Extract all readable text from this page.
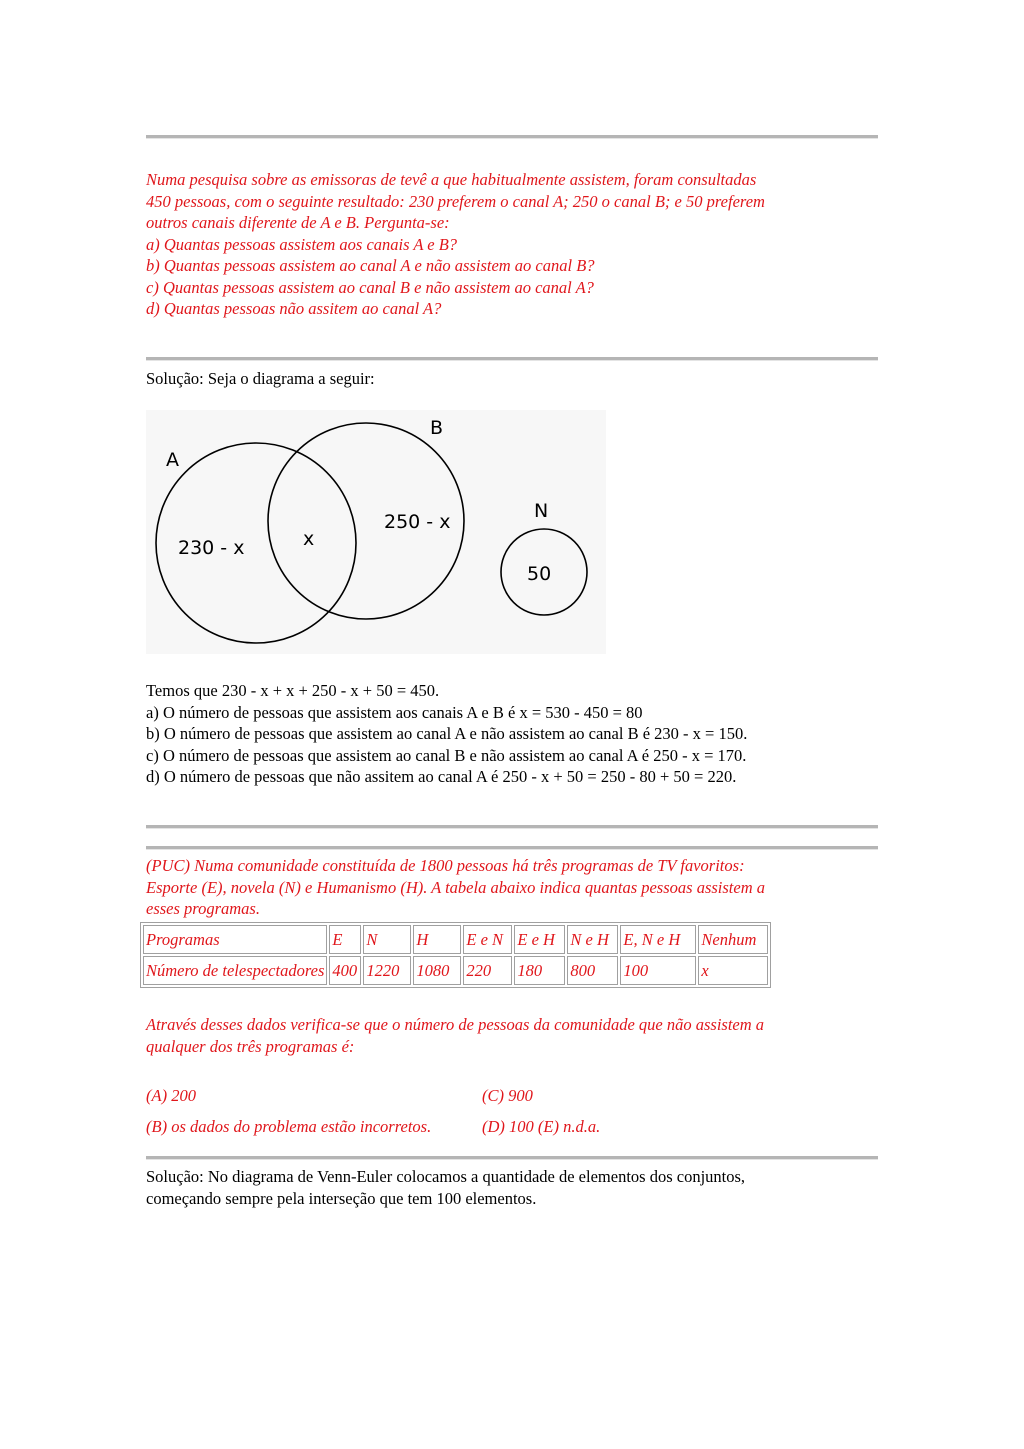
Numa pesquisa sobre as emissoras de tevê a que habitualmente assistem, foram consultadas
450 pessoas, com o seguinte resultado: 230 preferem o canal A; 250 o canal B; e 50 preferem
outros canais diferente de A e B. Pergunta-se:
a) Quantas pessoas assistem aos canais A e B?
b) Quantas pessoas assistem ao canal A e não assistem ao canal B?
c) Quantas pessoas assistem ao canal B e não assistem ao canal A?
d) Quantas pessoas não assitem ao canal A?
Solução: Seja o diagrama a seguir:
A
B
N
230 - x	x
250 - x
50
Temos que 230 - x + x + 250 - x + 50 = 450.
a) O número de pessoas que assistem aos canais A e B é x = 530 - 450 = 80
b) O número de pessoas que assistem ao canal A e não assistem ao canal B é 230 - x = 150.
c) O número de pessoas que assistem ao canal B e não assistem ao canal A é 250 - x = 170.
d) O número de pessoas que não assitem ao canal A é 250 - x + 50 = 250 - 80 + 50 = 220.
(PUC) Numa comunidade constituída de 1800 pessoas há três programas de TV favoritos:
Esporte (E), novela (N) e Humanismo (H). A tabela abaixo indica quantas pessoas assistem a
esses programas.
Programas	E	N	H	E e N	E e H	N e H	E, N e H	Nenhum
Número de telespectadores	400	1220	1080	220	180	800	100	x
Através desses dados verifica-se que o número de pessoas da comunidade que não assistem a
qualquer dos três programas é:
(A) 200	(C) 900
(B) os dados do problema estão incorretos.	(D) 100 (E) n.d.a.
Solução: No diagrama de Venn-Euler colocamos a quantidade de elementos dos conjuntos,
começando sempre pela interseção que tem 100 elementos.
